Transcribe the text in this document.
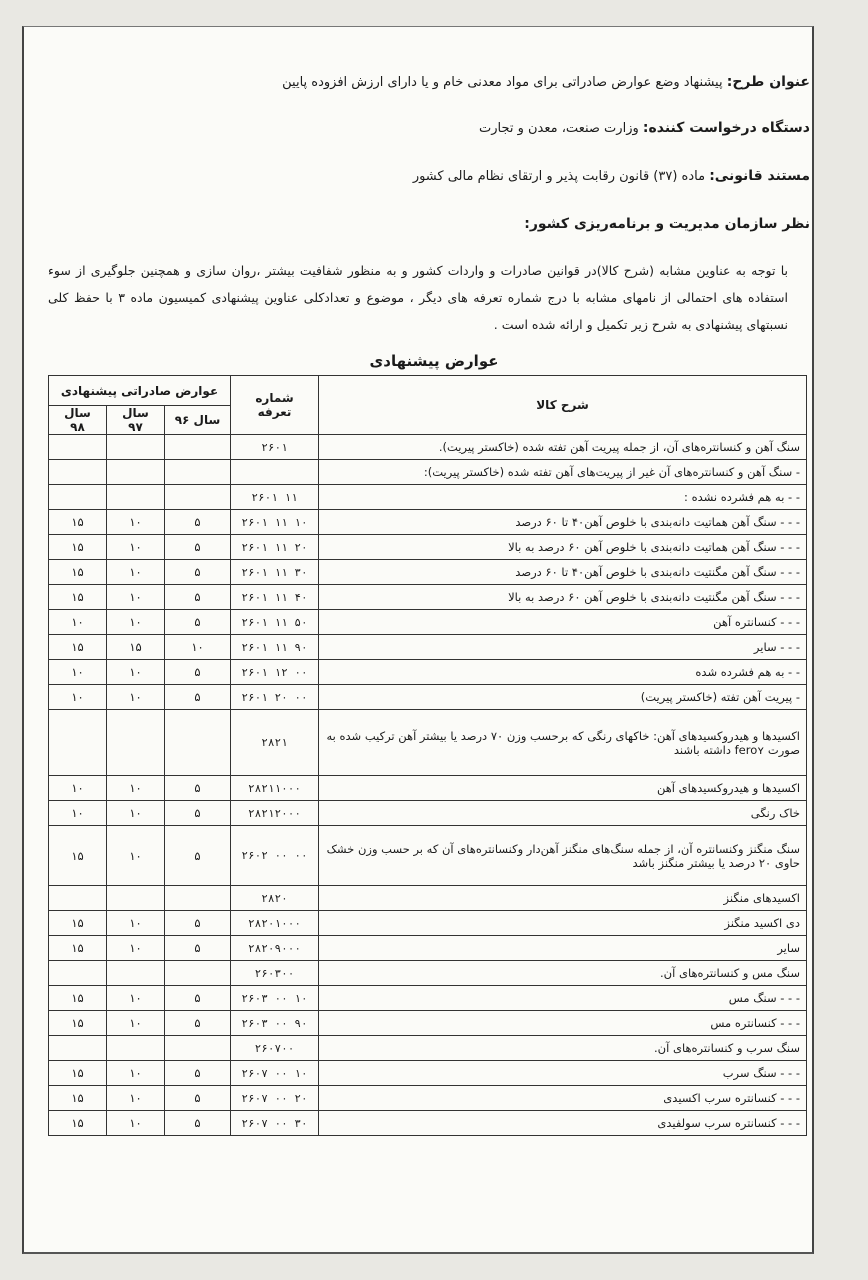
عنوان طرح: پیشنهاد وضع عوارض صادراتی برای مواد معدنی خام و یا دارای ارزش افزوده پایین
دستگاه درخواست کننده: وزارت صنعت، معدن و تجارت
مستند قانونی: ماده (۳۷) قانون رقابت پذیر و ارتقای نظام مالی کشور
نظر سازمان مدیریت و برنامه‌ریزی کشور:
با توجه به عناوین مشابه (شرح کالا)در قوانین صادرات و واردات کشور و به منظور شفافیت بیشتر ،روان سازی و همچنین جلوگیری از سوء استفاده های احتمالی از نامهای مشابه با درج شماره تعرفه های دیگر ، موضوع و تعدادکلی عناوین پیشنهادی کمیسیون ماده ۳ با حفظ کلی نسبتهای پیشنهادی به شرح زیر تکمیل و ارائه شده است .
عوارض پیشنهادی
عوارض صادراتی پیشنهادی			شماره تعرفه	شرح کالا
سال ۹۸	سال ۹۷	سال ۹۶		
			۲۶۰۱	سنگ آهن و کنسانتره‌های آن، از جمله پیریت آهن تفته شده (خاکستر پیریت).
				- سنگ آهن و کنسانتره‌های آن غیر از پیریت‌های آهن تفته شده (خاکستر پیریت):
			۲۶۰۱ ۱۱	- - به هم فشرده نشده :
۱۵	۱۰	۵	۲۶۰۱ ۱۱ ۱۰	- - - سنگ آهن هماتیت دانه‌بندی با خلوص آهن۴۰ تا ۶۰ درصد
۱۵	۱۰	۵	۲۶۰۱ ۱۱ ۲۰	- - - سنگ آهن هماتیت دانه‌بندی با خلوص آهن ۶۰ درصد به بالا
۱۵	۱۰	۵	۲۶۰۱ ۱۱ ۳۰	- - - سنگ آهن مگنتیت دانه‌بندی با خلوص آهن۴۰ تا ۶۰ درصد
۱۵	۱۰	۵	۲۶۰۱ ۱۱ ۴۰	- - - سنگ آهن مگنتیت دانه‌بندی با خلوص آهن ۶۰ درصد به بالا
۱۰	۱۰	۵	۲۶۰۱ ۱۱ ۵۰	- - - کنسانتره آهن
۱۵	۱۵	۱۰	۲۶۰۱ ۱۱ ۹۰	- - - سایر
۱۰	۱۰	۵	۲۶۰۱ ۱۲ ۰۰	- - به هم فشرده شده
۱۰	۱۰	۵	۲۶۰۱ ۲۰ ۰۰	- پیریت آهن تفته (خاکستر پیریت)
			۲۸۲۱	اکسیدها و هیدروکسیدهای آهن: خاکهای رنگی که برحسب وزن ۷۰ درصد یا بیشتر آهن ترکیب شده به صورت feroʏ داشته باشند
۱۰	۱۰	۵	۲۸۲۱۱۰۰۰	اکسیدها و هیدروکسیدهای آهن
۱۰	۱۰	۵	۲۸۲۱۲۰۰۰	خاک رنگی
۱۵	۱۰	۵	۲۶۰۲ ۰۰ ۰۰	سنگ منگنز وکنسانتره آن، از جمله سنگ‌های منگنز آهن‌دار وکنسانتره‌های آن که بر حسب وزن خشک حاوی ۲۰ درصد یا بیشتر منگنز باشد
			۲۸۲۰	اکسیدهای منگنز
۱۵	۱۰	۵	۲۸۲۰۱۰۰۰	دی اکسید منگنز
۱۵	۱۰	۵	۲۸۲۰۹۰۰۰	سایر
			۲۶۰۳۰۰	سنگ مس و کنسانتره‌های آن.
۱۵	۱۰	۵	۲۶۰۳ ۰۰ ۱۰	- - - سنگ مس
۱۵	۱۰	۵	۲۶۰۳ ۰۰ ۹۰	- - - کنسانتره مس
			۲۶۰۷۰۰	سنگ سرب و کنسانتره‌های آن.
۱۵	۱۰	۵	۲۶۰۷ ۰۰ ۱۰	- - - سنگ سرب
۱۵	۱۰	۵	۲۶۰۷ ۰۰ ۲۰	- - - کنسانتره سرب اکسیدی
۱۵	۱۰	۵	۲۶۰۷ ۰۰ ۳۰	- - - کنسانتره سرب سولفیدی
